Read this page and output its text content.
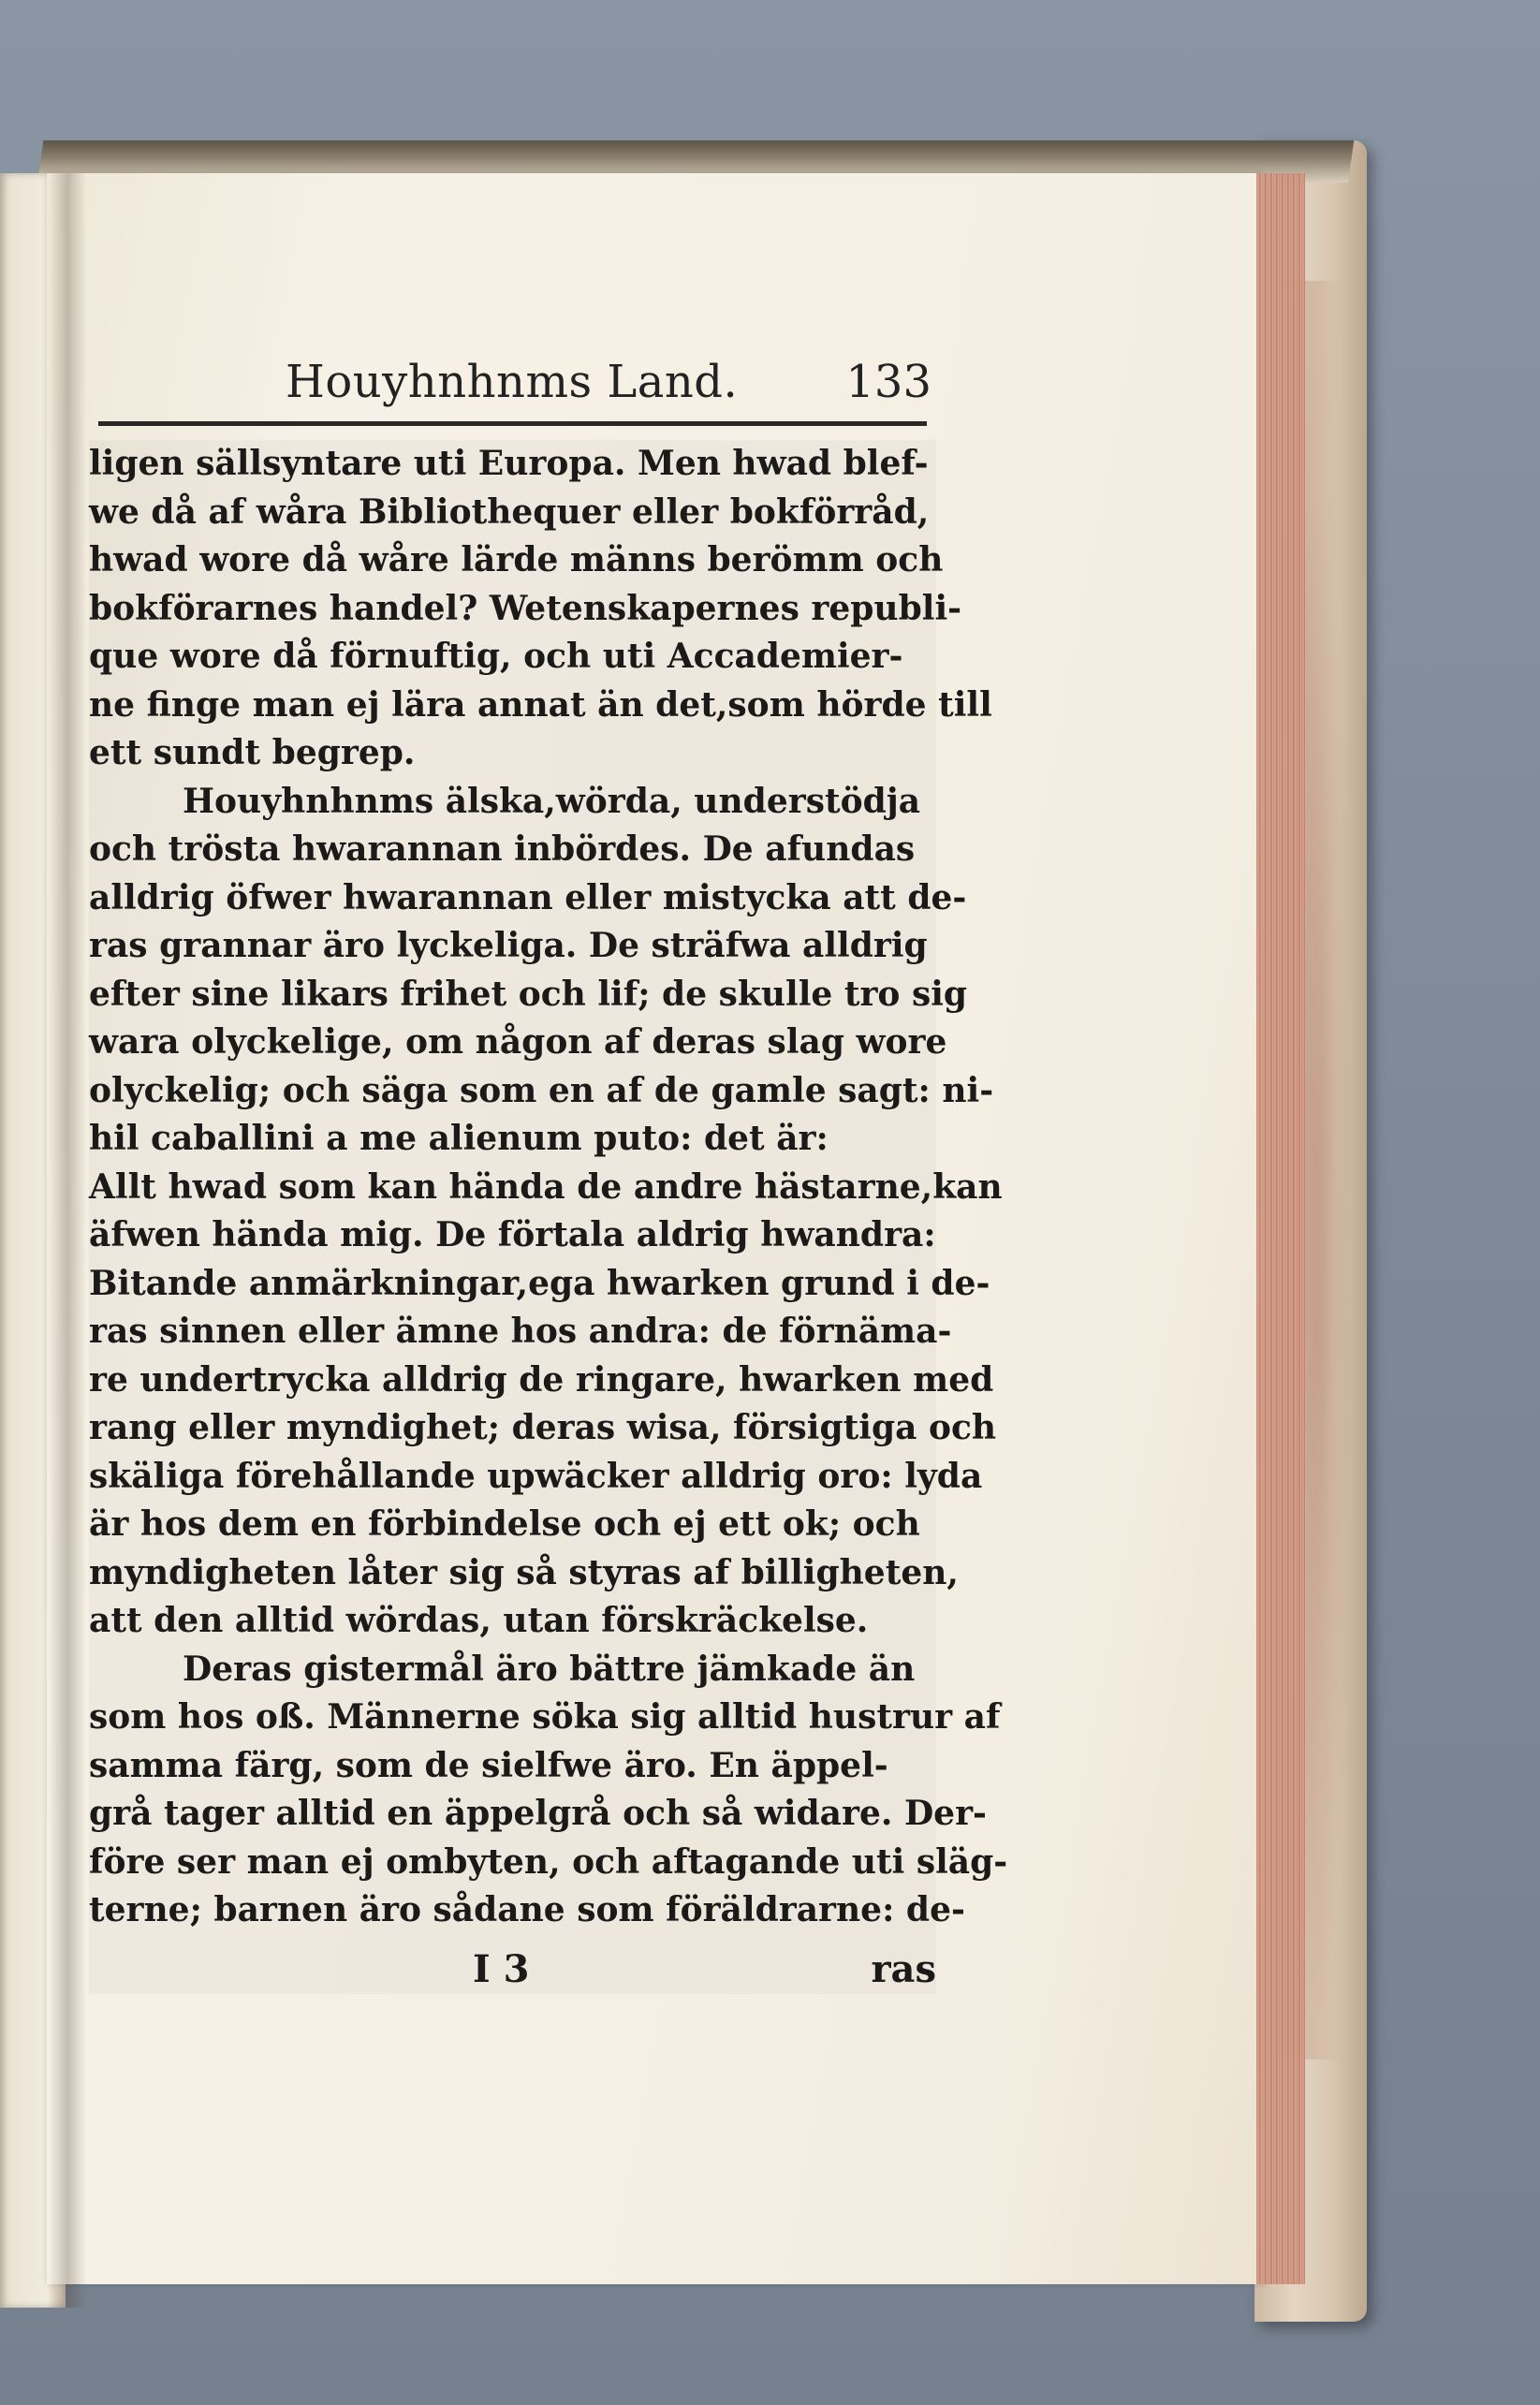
Houyhnhnms Land. 133
ligen sällsyntare uti Europa. Men hwad blef-
we då af wåra Bibliothequer eller bokförråd,
hwad wore då wåre lärde männs berömm och
bokförarnes handel? Wetenskapernes republi-
que wore då förnuftig, och uti Accademier-
ne finge man ej lära annat än det,som hörde till
ett sundt begrep.
Houyhnhnms älska,wörda, understödja
och trösta hwarannan inbördes. De afundas
alldrig öfwer hwarannan eller mistycka att de-
ras grannar äro lyckeliga. De sträfwa alldrig
efter sine likars frihet och lif; de skulle tro sig
wara olyckelige, om någon af deras slag wore
olyckelig; och säga som en af de gamle sagt: ni-
hil caballini a me alienum puto: det är:
Allt hwad som kan hända de andre hästarne,kan
äfwen hända mig. De förtala aldrig hwandra:
Bitande anmärkningar,ega hwarken grund i de-
ras sinnen eller ämne hos andra: de förnäma-
re undertrycka alldrig de ringare, hwarken med
rang eller myndighet; deras wisa, försigtiga och
skäliga förehållande upwäcker alldrig oro: lyda
är hos dem en förbindelse och ej ett ok; och
myndigheten låter sig så styras af billigheten,
att den alltid wördas, utan förskräckelse.
Deras gistermål äro bättre jämkade än
som hos oß. Männerne söka sig alltid hustrur af
samma färg, som de sielfwe äro. En äppel-
grå tager alltid en äppelgrå och så widare. Der-
före ser man ej ombyten, och aftagande uti släg-
terne; barnen äro sådane som föräldrarne: de-
I 3	ras
